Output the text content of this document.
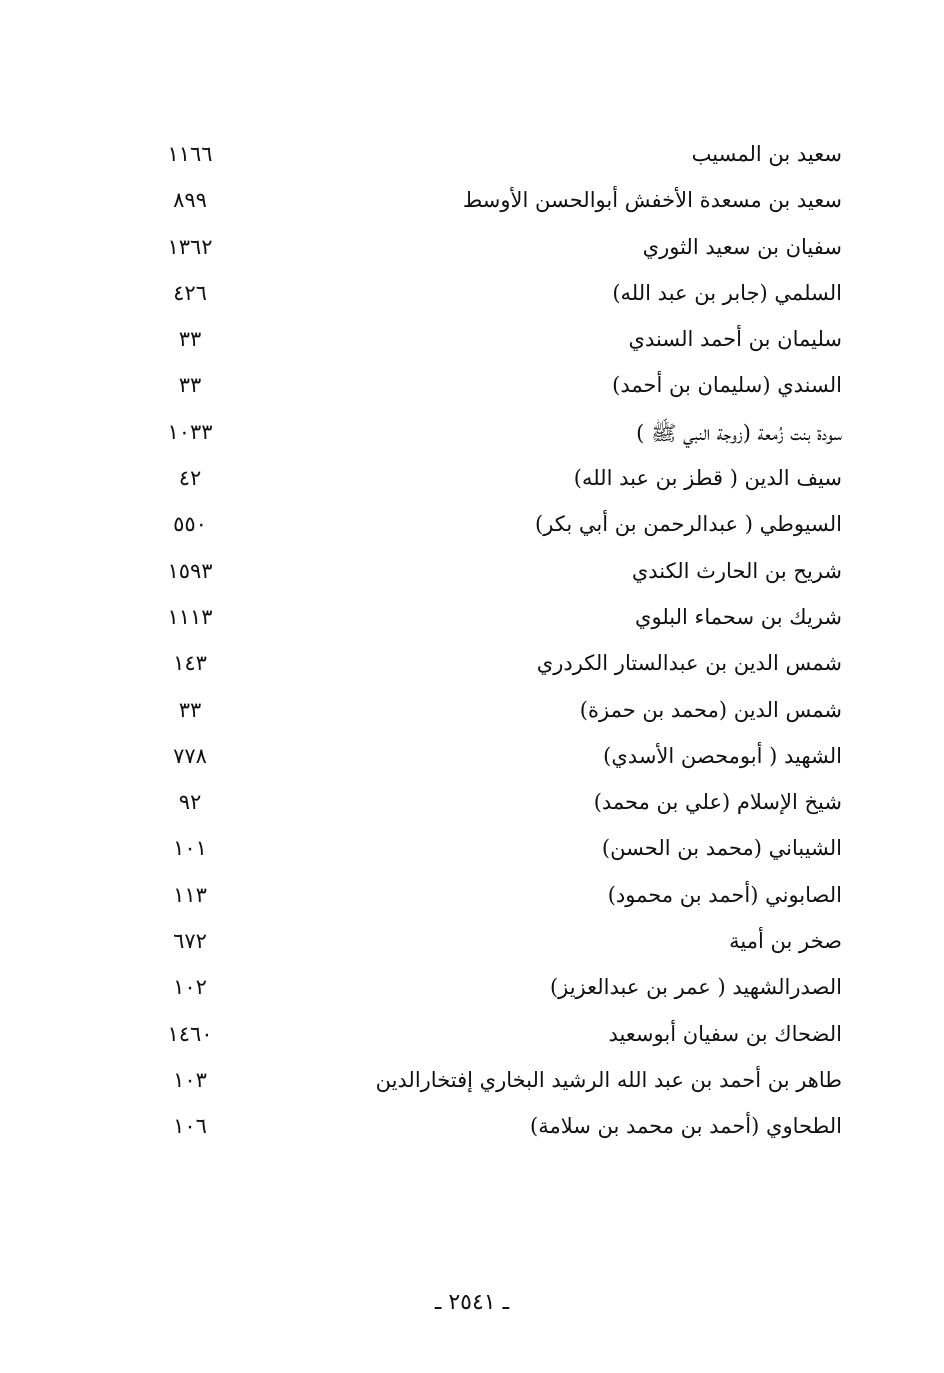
سعيد بن المسيب
١١٦٦
سعيد بن مسعدة الأخفش أبوالحسن الأوسط
٨٩٩
سفيان بن سعيد الثوري
١٣٦٢
السلمي (جابر بن عبد الله)
٤٢٦
سليمان بن أحمد السندي
٣٣
السندي (سليمان بن أحمد)
٣٣
سودة بنت زُمعة (زوجة النبي ﷺ )
١٠٣٣
سيف الدين ( قطز بن عبد الله)
٤٢
السيوطي ( عبدالرحمن بن أبي بكر)
٥٥٠
شريح بن الحارث الكندي
١٥٩٣
شريك بن سحماء البلوي
١١١٣
شمس الدين بن عبدالستار الكردري
١٤٣
شمس الدين (محمد بن حمزة)
٣٣
الشهيد ( أبومحصن الأسدي)
٧٧٨
شيخ الإسلام (علي بن محمد)
٩٢
الشيباني (محمد بن الحسن)
١٠١
الصابوني (أحمد بن محمود)
١١٣
صخر بن أمية
٦٧٢
الصدرالشهيد ( عمر بن عبدالعزيز)
١٠٢
الضحاك بن سفيان أبوسعيد
١٤٦٠
طاهر بن أحمد بن عبد الله الرشيد البخاري إفتخارالدين
١٠٣
الطحاوي (أحمد بن محمد بن سلامة)
١٠٦
ـ ٢٥٤١ ـ
